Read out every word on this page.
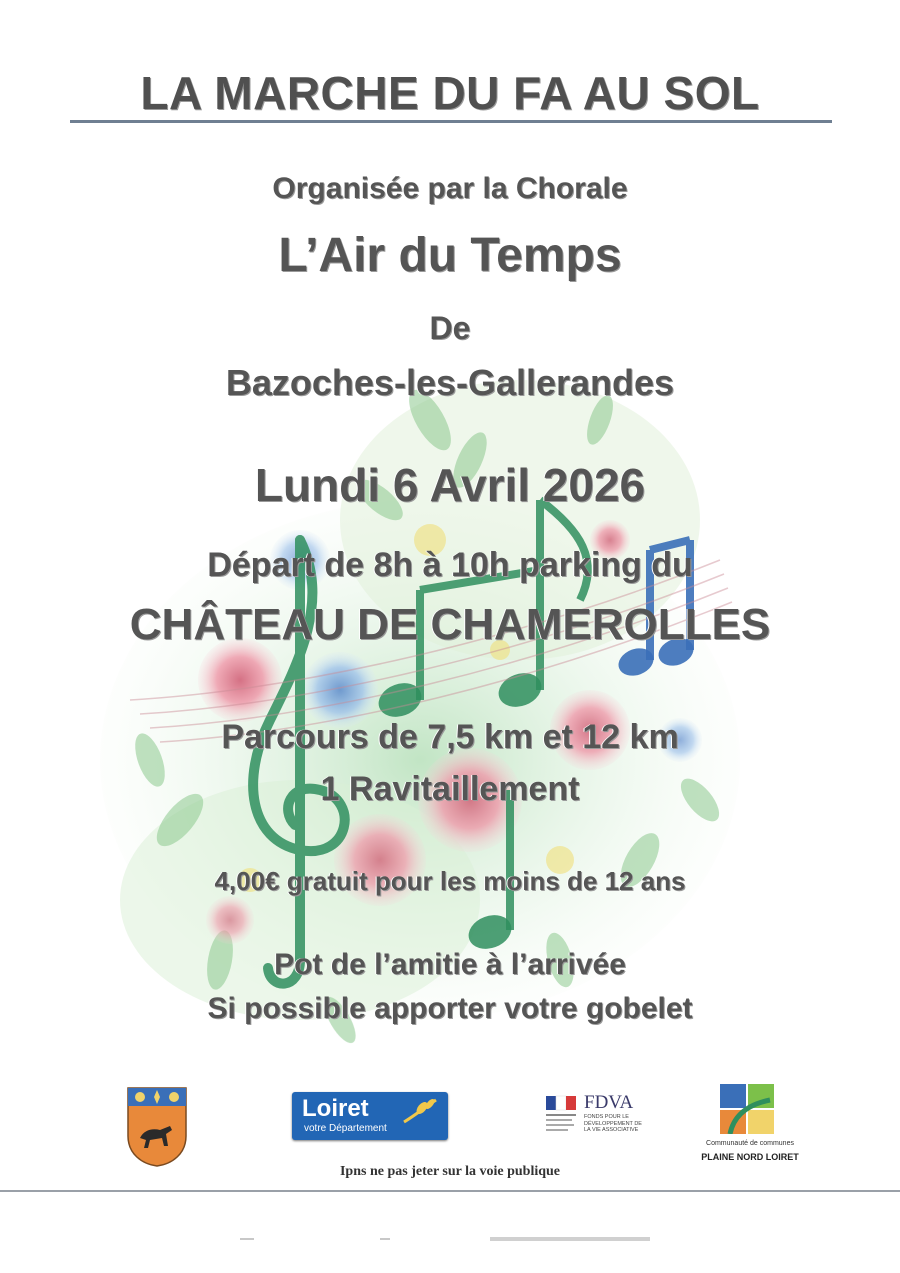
LA MARCHE DU FA AU SOL
Organisée par la Chorale
L’Air du Temps
De
Bazoches-les-Gallerandes
Lundi 6 Avril 2026
Départ de 8h à 10h parking du
CHÂTEAU DE CHAMEROLLES
Parcours de 7,5 km et 12 km
1 Ravitaillement
4,00€ gratuit pour les moins de 12 ans
Pot de l’amitie à l’arrivée
Si possible apporter votre gobelet
Loiret
votre Département
FDVA
FONDS POUR LE DÉVELOPPEMENT DE LA VIE ASSOCIATIVE
Communauté de communes
PLAINE NORD LOIRET
Ipns ne pas jeter sur la voie publique
